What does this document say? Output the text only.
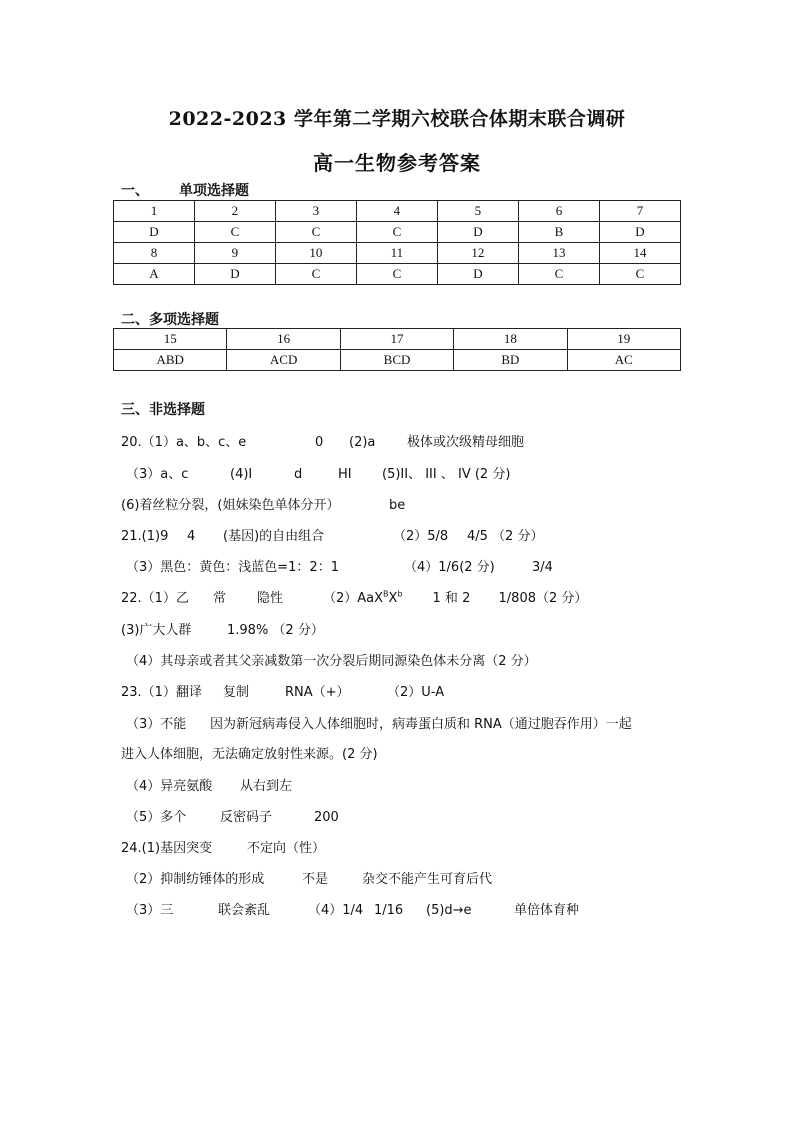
2022-2023 学年第二学期六校联合体期末联合调研
高一生物参考答案
一、 单项选择题
1	2	3	4	5	6	7
D	C	C	C	D	B	D
8	9	10	11	12	13	14
A	D	C	C	D	C	C
二、多项选择题
15	16	17	18	19
ABD	ACD	BCD	BD	AC
三、非选择题
20.（1）a、b、c、e	0 (2)a 极体或次级精母细胞
（3）a、c	(4)I	d	HI (5)II、 III 、 IV (2 分)
(6)着丝粒分裂，(姐妹染色单体分开）	be
21.(1)9 4 (基因)的自由组合	（2）5/8 4/5 （2 分）
（3）黑色：黄色：浅蓝色=1：2：1	（4）1/6(2 分)	3/4
22.（1）乙 常 隐性	$(2)AaX^BX^b$ 1 和 2 1/808（2 分）
(3)广大人群	1.98% （2 分）
（4）其母亲或者其父亲减数第一次分裂后期同源染色体未分离（2 分）
23.（1）翻译 复制	RNA（+）	（2）U-A
（3）不能 因为新冠病毒侵入人体细胞时，病毒蛋白质和 RNA（通过胞吞作用）一起
进入人体细胞，无法确定放射性来源。(2 分)
（4）异亮氨酸 从右到左
（5）多个	反密码子	200
24.(1)基因突变	不定向（性）
（2）抑制纺锤体的形成	不是	杂交不能产生可育后代
（3）三	联会紊乱	（4）1/4 1/16 (5)d→e	单倍体育种
